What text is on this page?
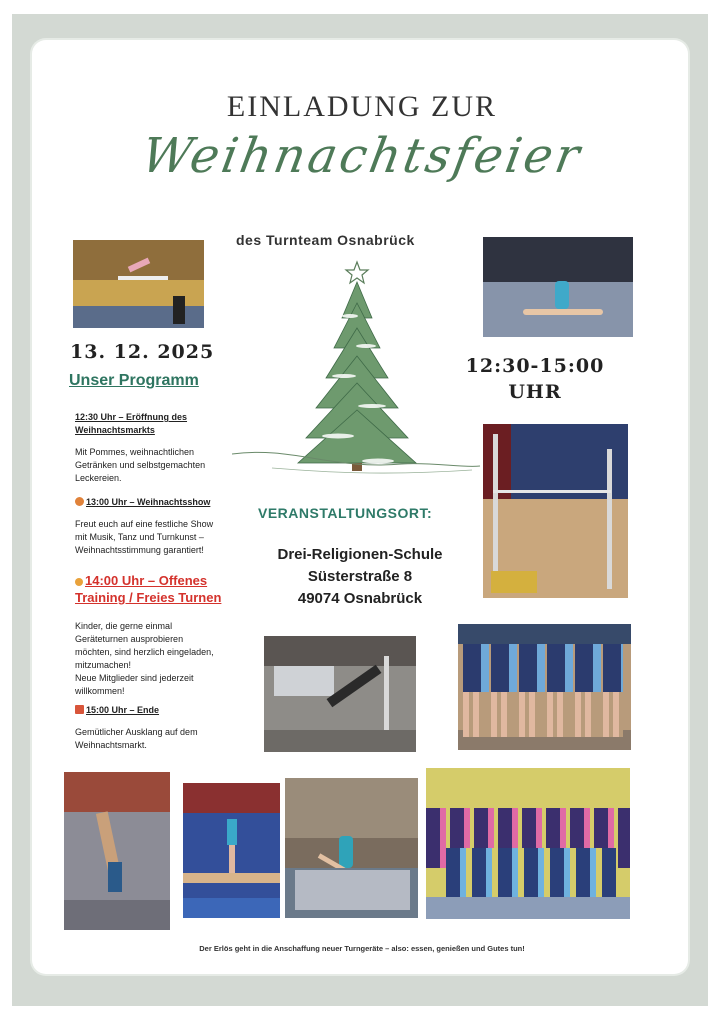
EINLADUNG ZUR
Weihnachtsfeier
des Turnteam Osnabrück
13. 12. 2025
12:30-15:00
UHR
Unser Programm
12:30 Uhr – Eröffnung des
Weihnachtsmarkts
Mit Pommes, weihnachtlichen
Getränken und selbstgemachten
Leckereien.
13:00 Uhr – Weihnachtsshow
Freut euch auf eine festliche Show
mit Musik, Tanz und Turnkunst –
Weihnachtsstimmung garantiert!
14:00 Uhr – Offenes
Training / Freies Turnen
Kinder, die gerne einmal
Geräteturnen ausprobieren
möchten, sind herzlich eingeladen,
mitzumachen!
Neue Mitglieder sind jederzeit
willkommen!
15:00 Uhr – Ende
Gemütlicher Ausklang auf dem
Weihnachtsmarkt.
VERANSTALTUNGSORT:
Drei-Religionen-Schule
Süsterstraße 8
49074 Osnabrück
Der Erlös geht in die Anschaffung neuer Turngeräte – also: essen, genießen und Gutes tun!
